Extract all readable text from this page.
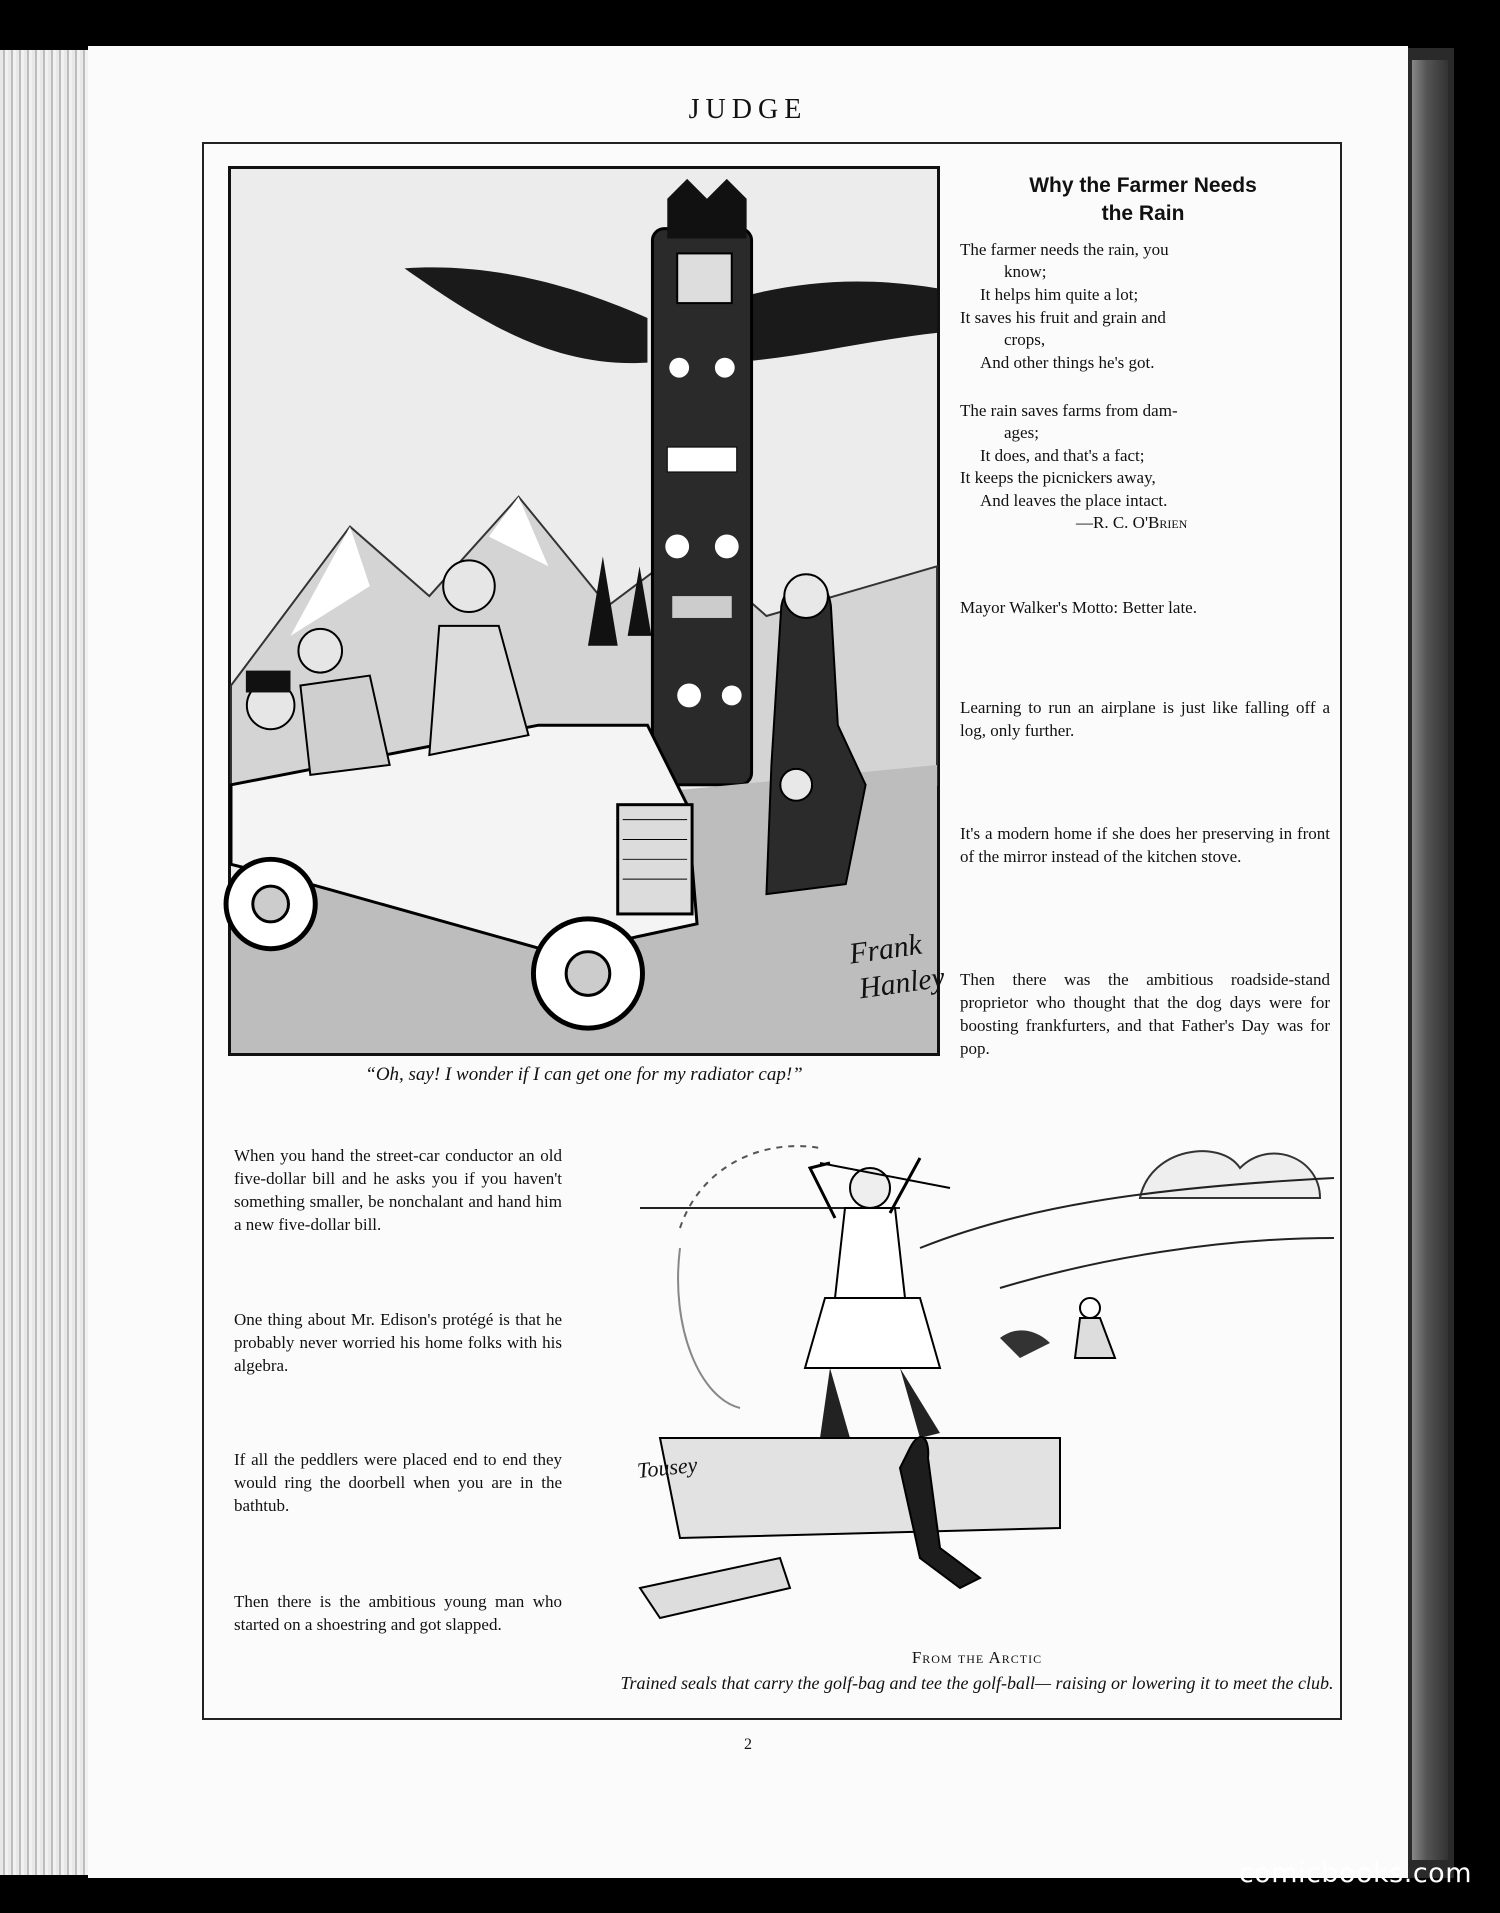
JUDGE
Frank
Hanley
“Oh, say! I wonder if I can get one for my radiator cap!”
Why the Farmer Needs
the Rain
The farmer needs the rain, you
know;
It helps him quite a lot;
It saves his fruit and grain and
crops,
And other things he's got.
The rain saves farms from dam-
ages;
It does, and that's a fact;
It keeps the picnickers away,
And leaves the place intact.
—R. C. O'Brien
Mayor Walker's Motto: Better late.
Learning to run an airplane is just like falling off a log, only further.
It's a modern home if she does her preserving in front of the mirror instead of the kitchen stove.
Then there was the ambitious roadside-stand proprietor who thought that the dog days were for boosting frankfurters, and that Father's Day was for pop.
When you hand the street-car conductor an old five-dollar bill and he asks you if you haven't something smaller, be nonchalant and hand him a new five-dollar bill.
One thing about Mr. Edison's protégé is that he probably never worried his home folks with his algebra.
If all the peddlers were placed end to end they would ring the doorbell when you are in the bathtub.
Then there is the ambitious young man who started on a shoestring and got slapped.
Tousey
From the Arctic
Trained seals that carry the golf-bag and tee the golf-ball— raising or lowering it to meet the club.
2
comicbooks.com
